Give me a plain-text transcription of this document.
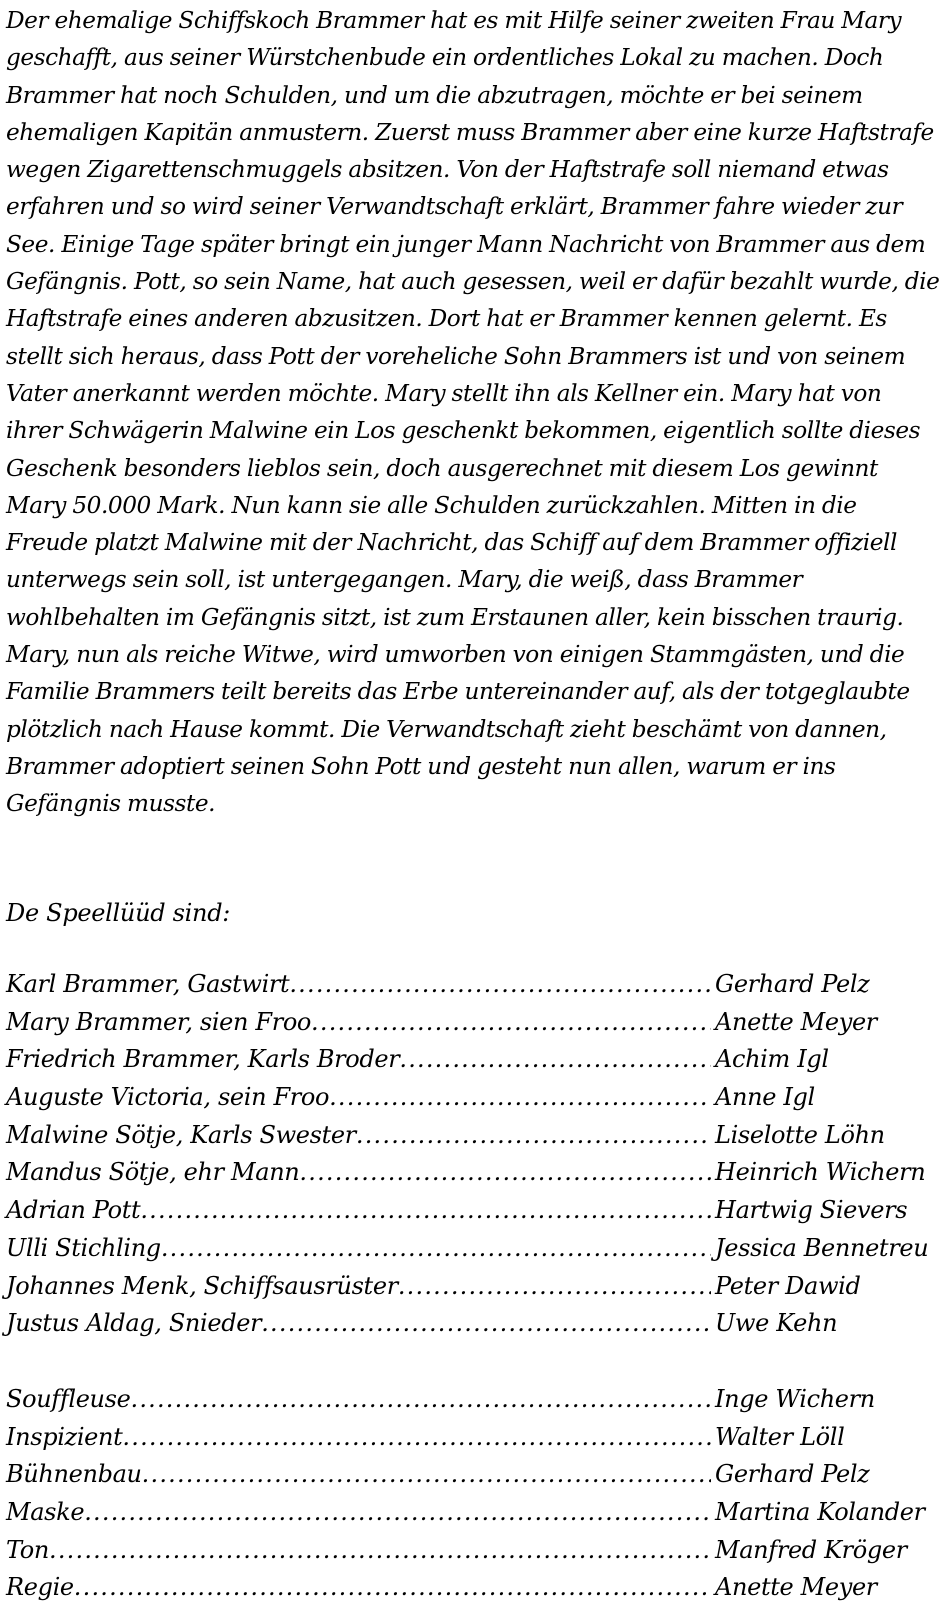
Der ehemalige Schiffskoch Brammer hat es mit Hilfe seiner zweiten Frau Mary geschafft, aus seiner Würstchenbude ein ordentliches Lokal zu machen. Doch Brammer hat noch Schulden, und um die abzutragen, möchte er bei seinem ehemaligen Kapitän anmustern. Zuerst muss Brammer aber eine kurze Haftstrafe wegen Zigarettenschmuggels absitzen. Von der Haftstrafe soll niemand etwas erfahren und so wird seiner Verwandtschaft erklärt, Brammer fahre wieder zur See. Einige Tage später bringt ein junger Mann Nachricht von Brammer aus dem Gefängnis. Pott, so sein Name, hat auch gesessen, weil er dafür bezahlt wurde, die Haftstrafe eines anderen abzusitzen. Dort hat er Brammer kennen gelernt. Es stellt sich heraus, dass Pott der voreheliche Sohn Brammers ist und von seinem Vater anerkannt werden möchte. Mary stellt ihn als Kellner ein. Mary hat von ihrer Schwägerin Malwine ein Los geschenkt bekommen, eigentlich sollte dieses Geschenk besonders lieblos sein, doch ausgerechnet mit diesem Los gewinnt Mary 50.000 Mark. Nun kann sie alle Schulden zurückzahlen. Mitten in die Freude platzt Malwine mit der Nachricht, das Schiff auf dem Brammer offiziell unterwegs sein soll, ist untergegangen. Mary, die weiß, dass Brammer wohlbehalten im Gefängnis sitzt, ist zum Erstaunen aller, kein bisschen traurig. Mary, nun als reiche Witwe, wird umworben von einigen Stammgästen, und die Familie Brammers teilt bereits das Erbe untereinander auf, als der totgeglaubte plötzlich nach Hause kommt. Die Verwandtschaft zieht beschämt von dannen, Brammer adoptiert seinen Sohn Pott und gesteht nun allen, warum er ins Gefängnis musste.

De Speellüüd sind:
Karl Brammer, Gastwirt .....	Gerhard Pelz
Mary Brammer, sien Froo .....	Anette Meyer
Friedrich Brammer, Karls Broder .....	Achim Igl
Auguste Victoria, sein Froo .....	Anne Igl
Malwine Sötje, Karls Swester .....	Liselotte Löhn
Mandus Sötje, ehr Mann .....	Heinrich Wichern
Adrian Pott .....	Hartwig Sievers
Ulli Stichling .....	Jessica Bennetreu
Johannes Menk, Schiffsausrüster .....	Peter Dawid
Justus Aldag, Snieder .....	Uwe Kehn
Souffleuse .....	Inge Wichern
Inspizient .....	Walter Löll
Bühnenbau .....	Gerhard Pelz
Maske .....	Martina Kolander
Ton .....	Manfred Kröger
Regie .....	Anette Meyer
